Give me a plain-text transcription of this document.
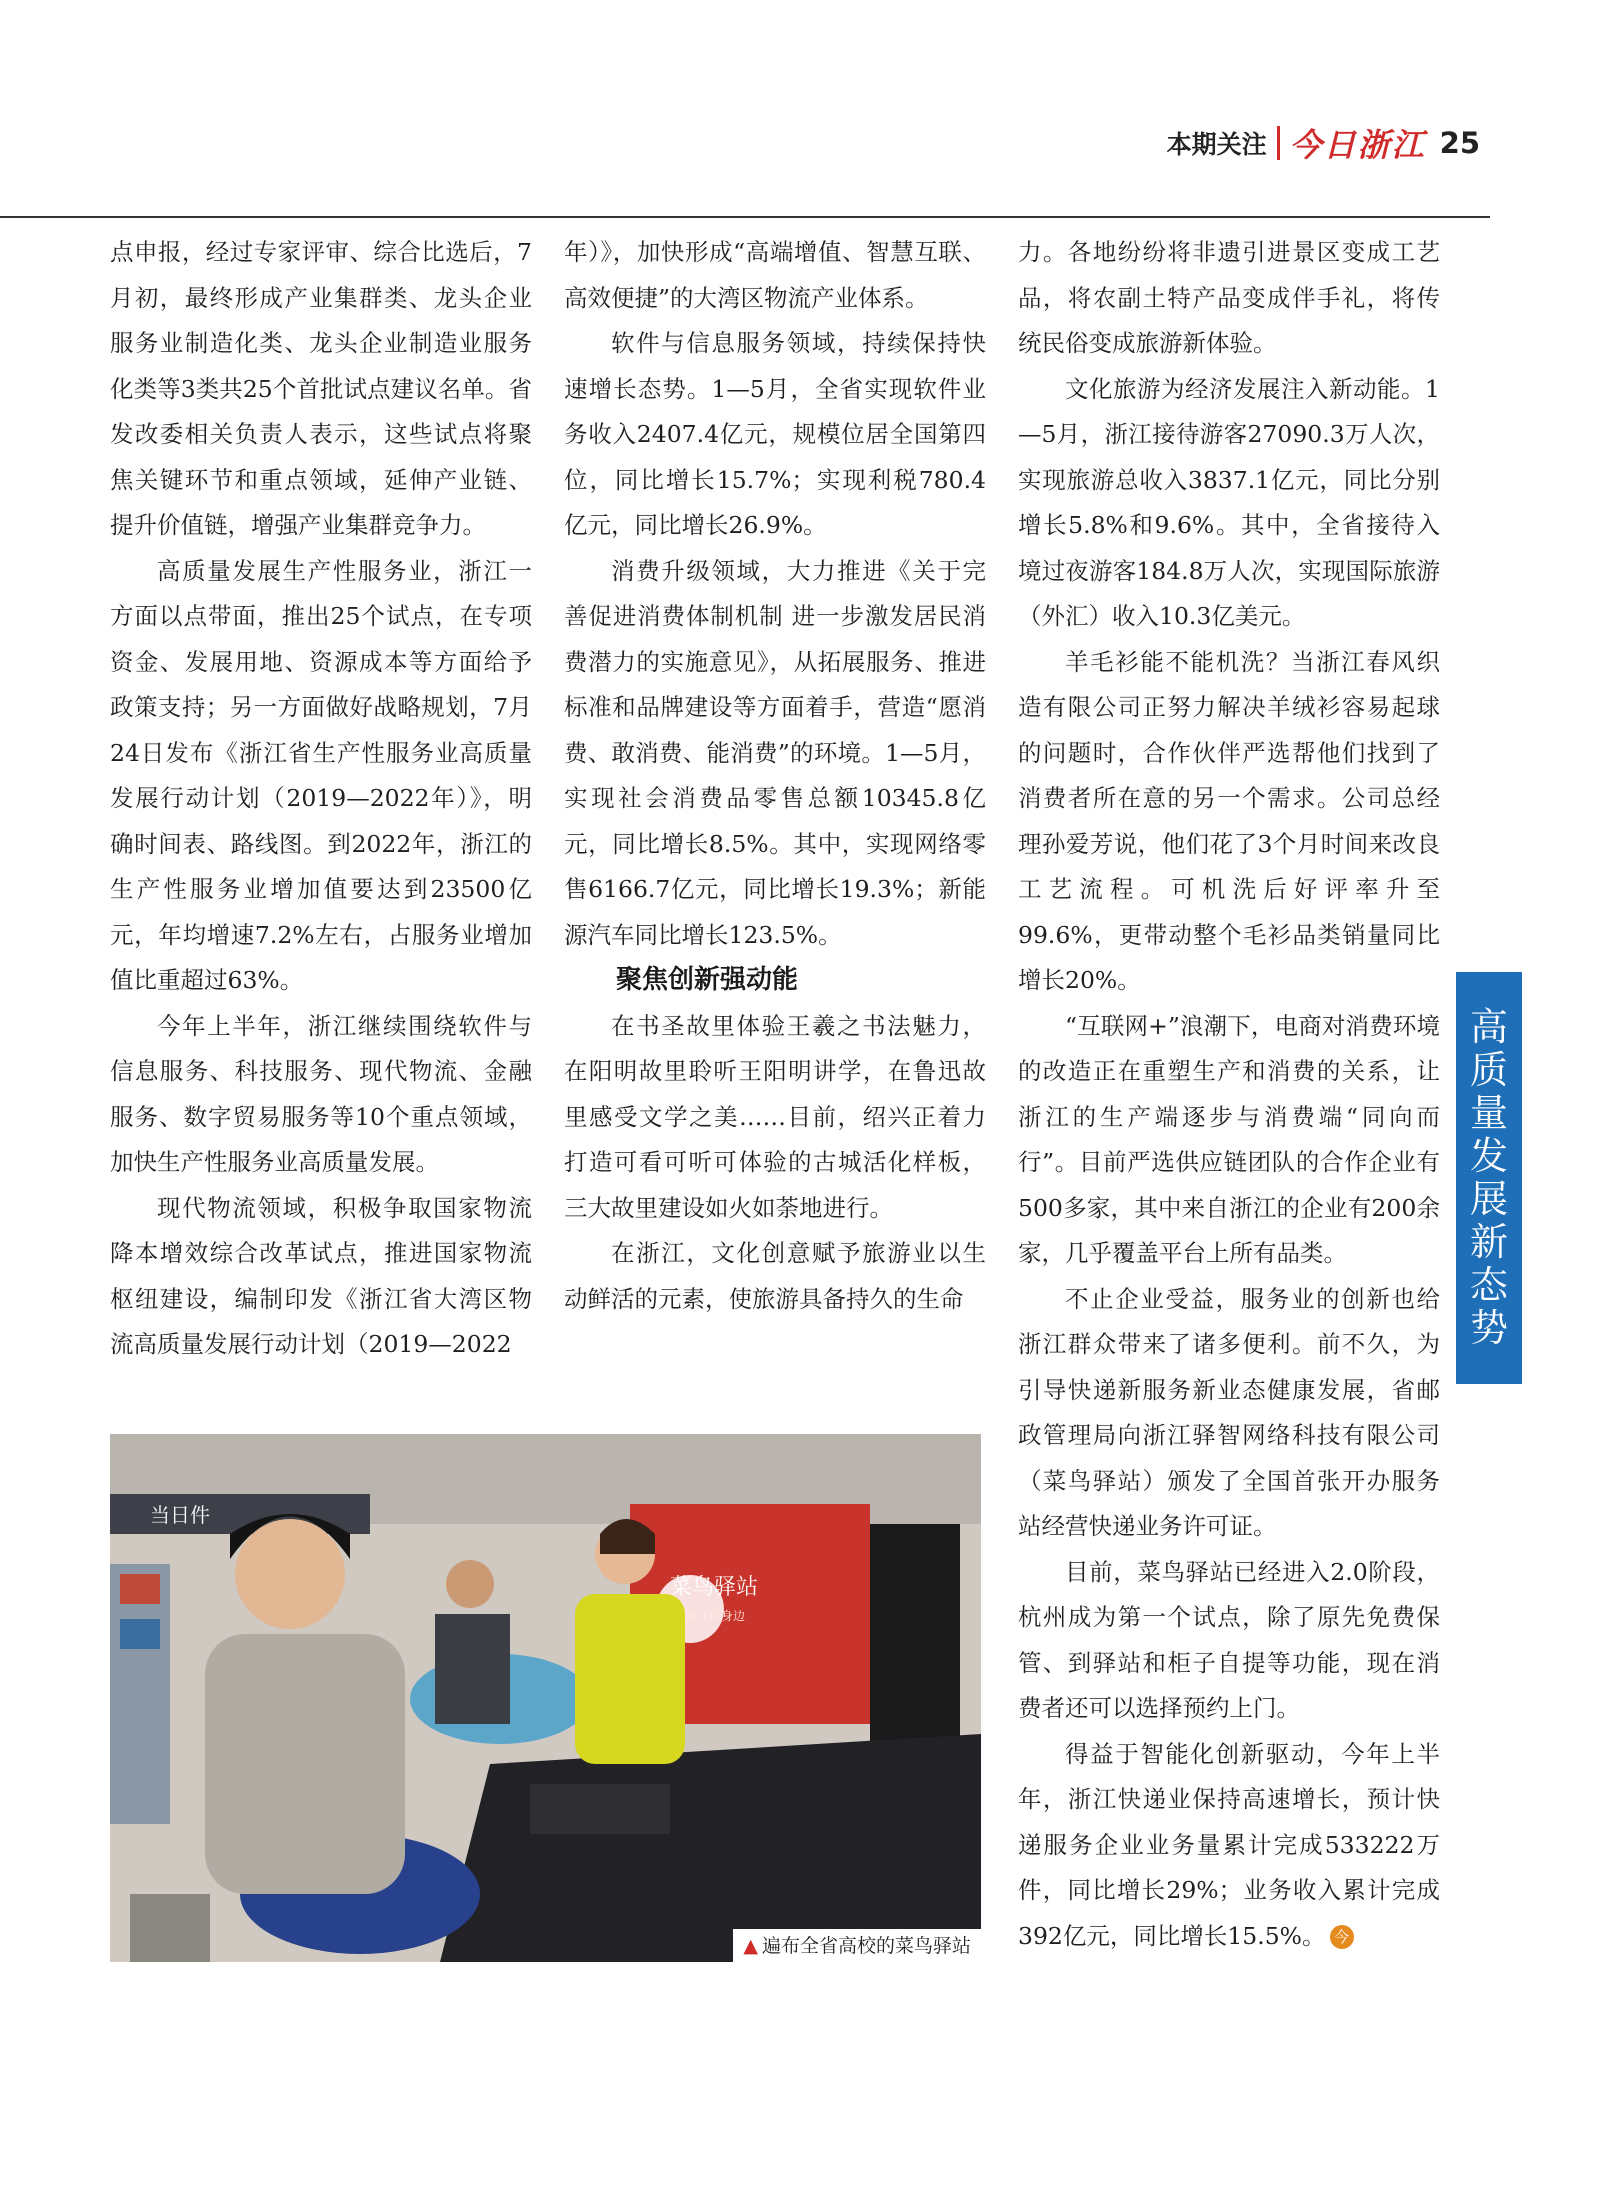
本期关注 今日浙江 25

点申报，经过专家评审、综合比选后，7月初，最终形成产业集群类、龙头企业服务业制造化类、龙头企业制造业服务化类等3类共25个首批试点建议名单。省发改委相关负责人表示，这些试点将聚焦关键环节和重点领域，延伸产业链、提升价值链，增强产业集群竞争力。

高质量发展生产性服务业，浙江一方面以点带面，推出25个试点，在专项资金、发展用地、资源成本等方面给予政策支持；另一方面做好战略规划，7月24日发布《浙江省生产性服务业高质量发展行动计划（2019—2022年）》，明确时间表、路线图。到2022年，浙江的生产性服务业增加值要达到23500亿元，年均增速7.2%左右，占服务业增加值比重超过63%。

今年上半年，浙江继续围绕软件与信息服务、科技服务、现代物流、金融服务、数字贸易服务等10个重点领域，加快生产性服务业高质量发展。

现代物流领域，积极争取国家物流降本增效综合改革试点，推进国家物流枢纽建设，编制印发《浙江省大湾区物流高质量发展行动计划（2019—2022

年）》，加快形成“高端增值、智慧互联、高效便捷”的大湾区物流产业体系。

软件与信息服务领域，持续保持快速增长态势。1—5月，全省实现软件业务收入2407.4亿元，规模位居全国第四位，同比增长15.7%；实现利税780.4亿元，同比增长26.9%。

消费升级领域，大力推进《关于完善促进消费体制机制 进一步激发居民消费潜力的实施意见》，从拓展服务、推进标准和品牌建设等方面着手，营造“愿消费、敢消费、能消费”的环境。1—5月，实现社会消费品零售总额10345.8亿元，同比增长8.5%。其中，实现网络零售6166.7亿元，同比增长19.3%；新能源汽车同比增长123.5%。

聚焦创新强动能

在书圣故里体验王羲之书法魅力，在阳明故里聆听王阳明讲学，在鲁迅故里感受文学之美……目前，绍兴正着力打造可看可听可体验的古城活化样板，三大故里建设如火如荼地进行。

在浙江，文化创意赋予旅游业以生动鲜活的元素，使旅游具备持久的生命

力。各地纷纷将非遗引进景区变成工艺品，将农副土特产品变成伴手礼，将传统民俗变成旅游新体验。

文化旅游为经济发展注入新动能。1—5月，浙江接待游客27090.3万人次，实现旅游总收入3837.1亿元，同比分别增长5.8%和9.6%。其中，全省接待入境过夜游客184.8万人次，实现国际旅游（外汇）收入10.3亿美元。

羊毛衫能不能机洗？当浙江春风织造有限公司正努力解决羊绒衫容易起球的问题时，合作伙伴严选帮他们找到了消费者所在意的另一个需求。公司总经理孙爱芳说，他们花了3个月时间来改良工艺流程。可机洗后好评率升至99.6%，更带动整个毛衫品类销量同比增长20%。

“互联网+”浪潮下，电商对消费环境的改造正在重塑生产和消费的关系，让浙江的生产端逐步与消费端“同向而行”。目前严选供应链团队的合作企业有500多家，其中来自浙江的企业有200余家，几乎覆盖平台上所有品类。

不止企业受益，服务业的创新也给浙江群众带来了诸多便利。前不久，为引导快递新服务新业态健康发展，省邮政管理局向浙江驿智网络科技有限公司（菜鸟驿站）颁发了全国首张开办服务站经营快递业务许可证。

目前，菜鸟驿站已经进入2.0阶段，杭州成为第一个试点，除了原先免费保管、到驿站和柜子自提等功能，现在消费者还可以选择预约上门。

得益于智能化创新驱动，今年上半年，浙江快递业保持高速增长，预计快递服务企业业务量累计完成533222万件，同比增长29%；业务收入累计完成392亿元，同比增长15.5%。 今

高
质
量
发
展
新
态
势
当日件
菜鸟驿站
就在你身边
▲ 遍布全省高校的菜鸟驿站
